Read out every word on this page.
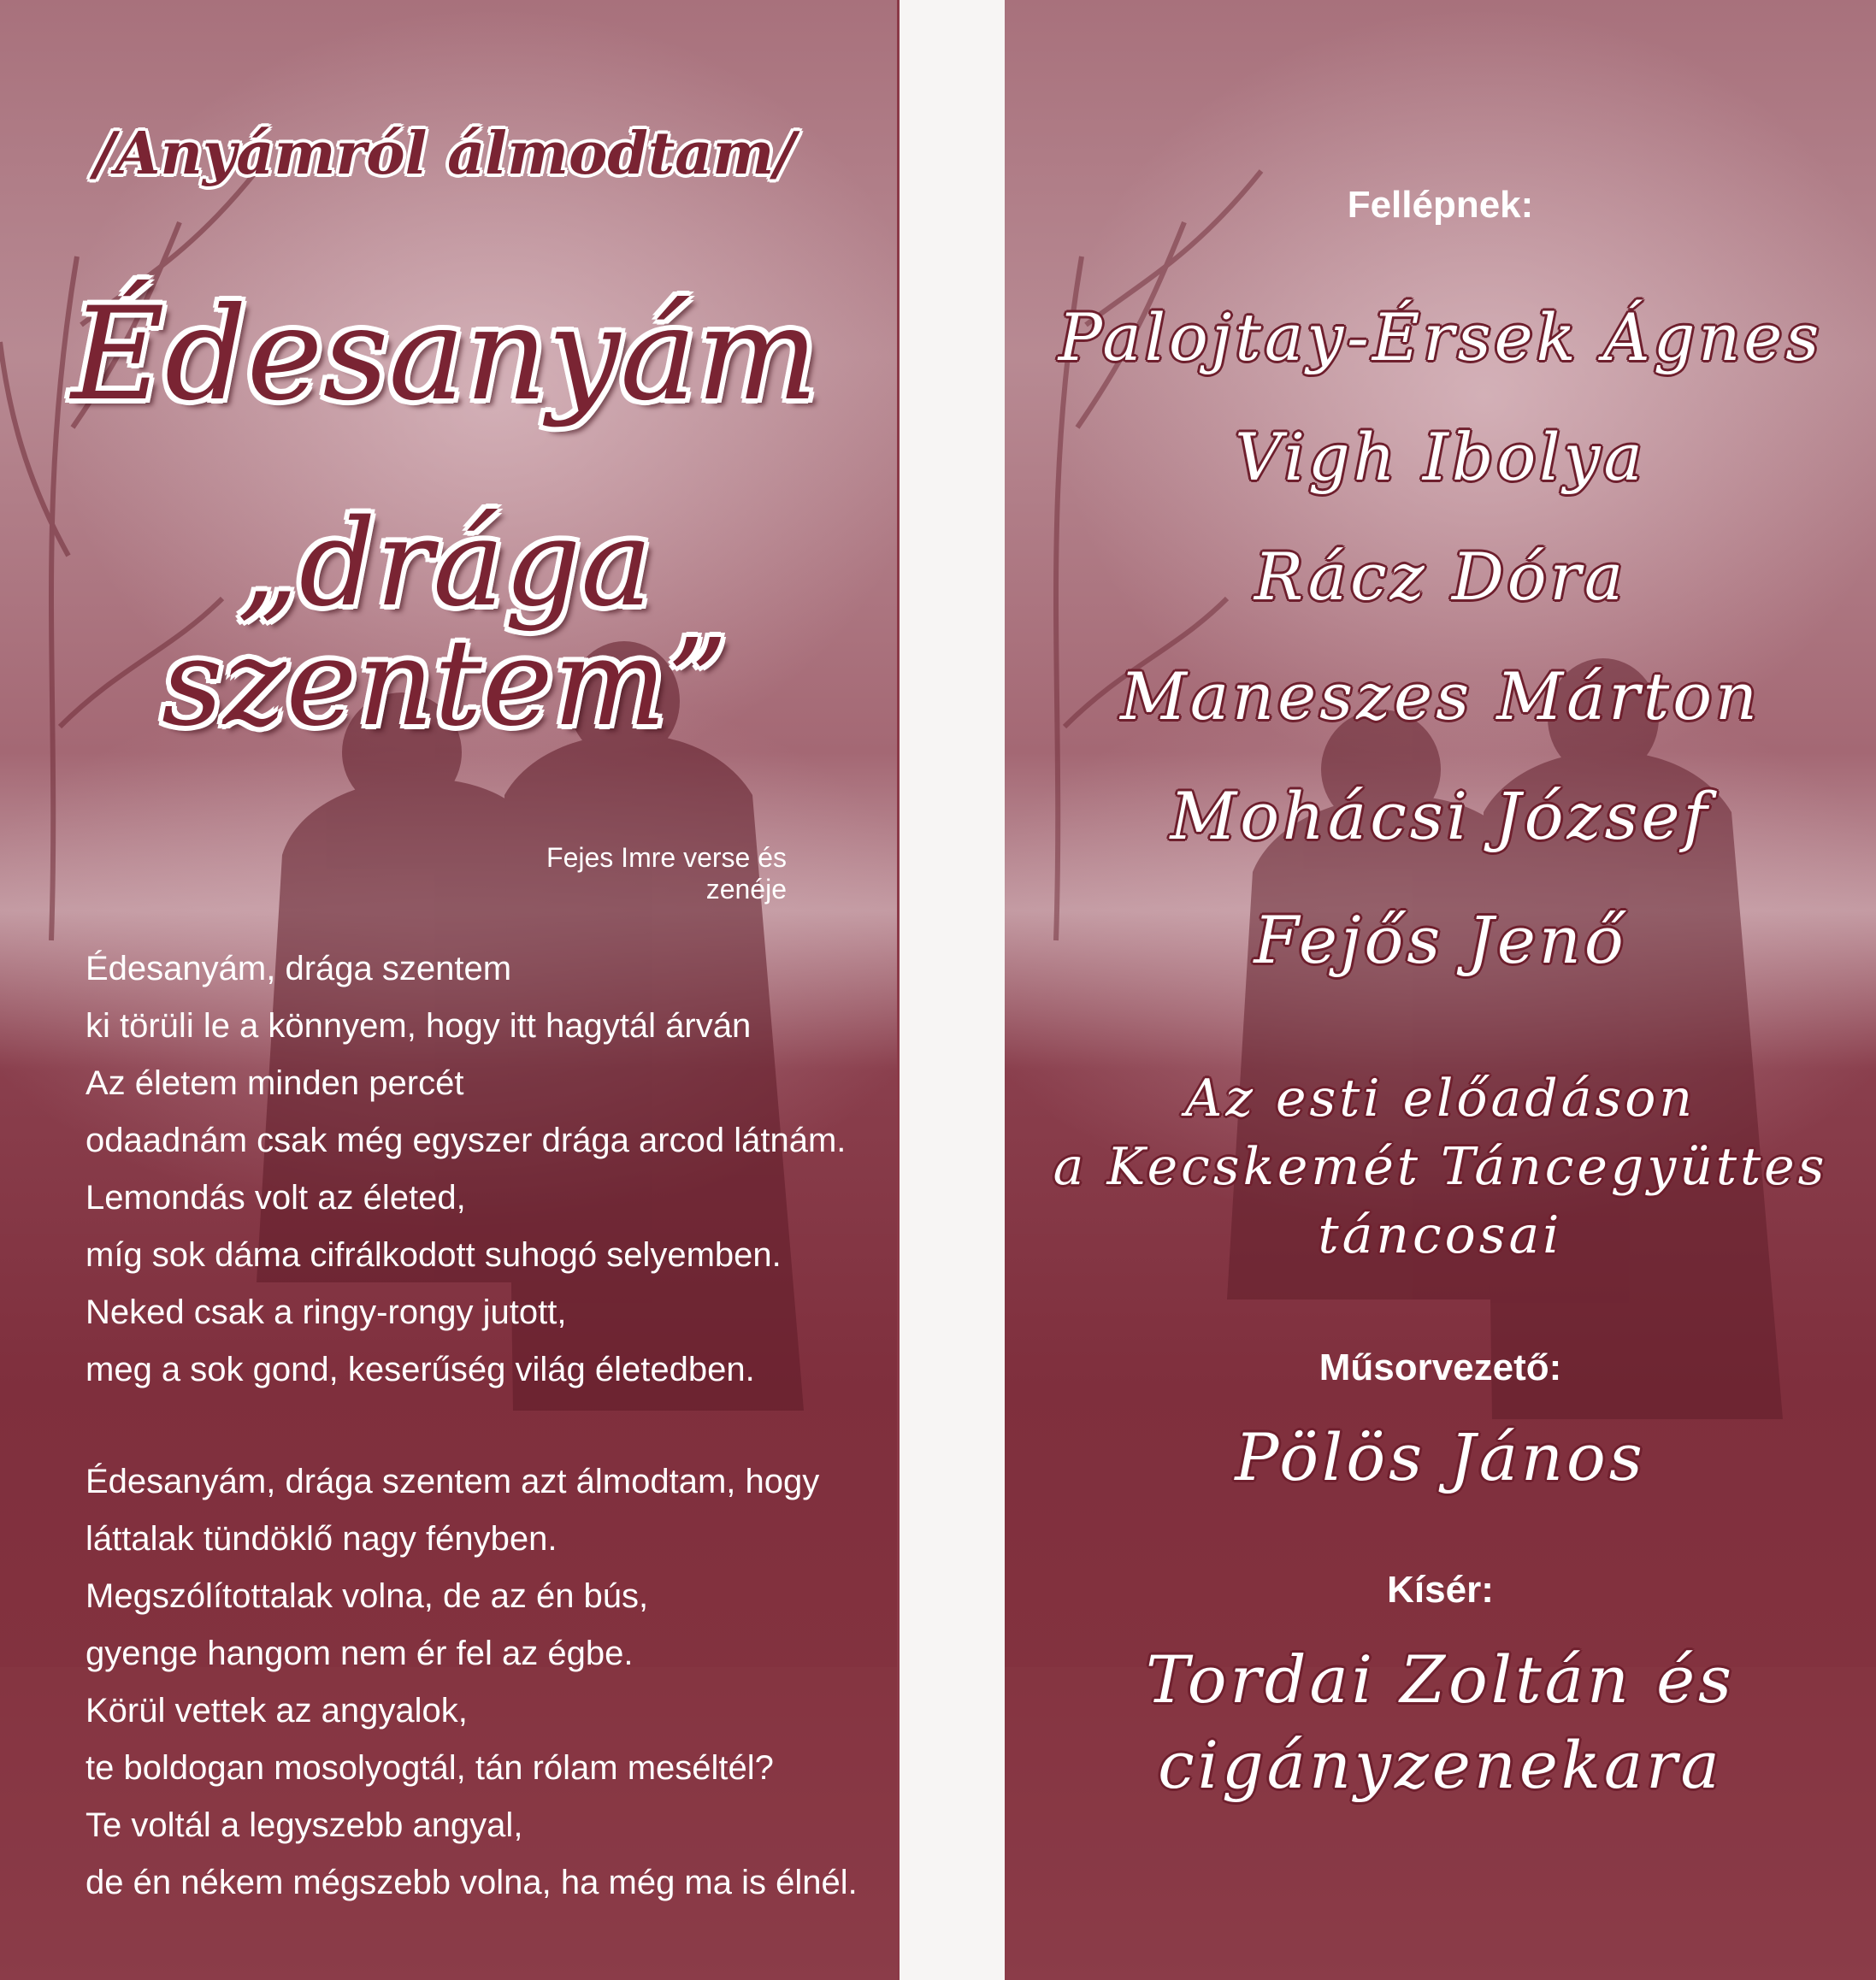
/Anyámról álmodtam/
Édesanyám
„drága szentem”
Fejes Imre verse és zenéje
Édesanyám, drága szentem
ki törüli le a könnyem, hogy itt hagytál árván
Az életem minden percét
odaadnám csak még egyszer drága arcod látnám.
Lemondás volt az életed,
míg sok dáma cifrálkodott suhogó selyemben.
Neked csak a ringy-rongy jutott,
meg a sok gond, keserűség világ életedben.
Édesanyám, drága szentem azt álmodtam, hogy
láttalak tündöklő nagy fényben.
Megszólítottalak volna, de az én bús,
gyenge hangom nem ér fel az égbe.
Körül vettek az angyalok,
te boldogan mosolyogtál, tán rólam meséltél?
Te voltál a legyszebb angyal,
de én nékem mégszebb volna, ha még ma is élnél.
Fellépnek:
Palojtay-Érsek Ágnes
Vigh Ibolya
Rácz Dóra
Maneszes Márton
Mohácsi József
Fejős Jenő
Az esti előadáson
a Kecskemét Táncegyüttes
táncosai
Műsorvezető:
Pölös János
Kísér:
Tordai Zoltán és
cigányzenekara
